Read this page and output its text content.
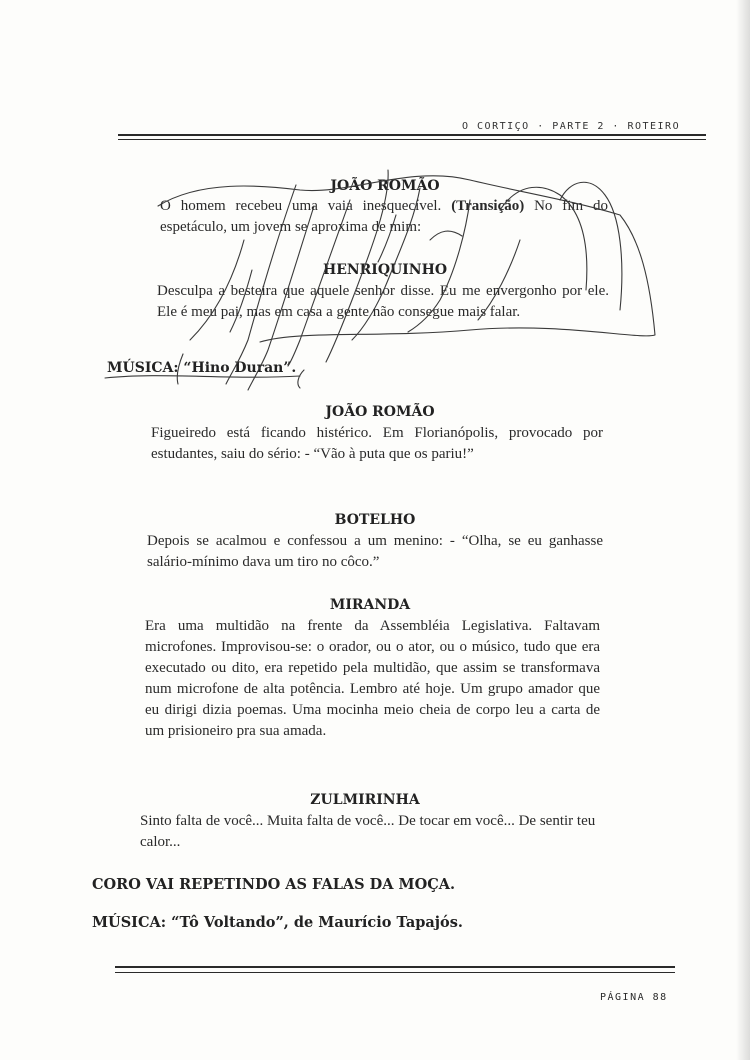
O CORTIÇO · PARTE 2 · ROTEIRO
JOÃO ROMÃO
O homem recebeu uma vaia inesquecível. (Transição) No fim do espetáculo, um jovem se aproxima de mim:
HENRIQUINHO
Desculpa a besteira que aquele senhor disse. Eu me envergonho por ele. Ele é meu pai, mas em casa a gente não consegue mais falar.
MÚSICA: “Hino Duran”.
JOÃO ROMÃO
Figueiredo está ficando histérico. Em Florianópolis, provocado por estudantes, saiu do sério: - “Vão à puta que os pariu!”
BOTELHO
Depois se acalmou e confessou a um menino: - “Olha, se eu ganhasse salário-mínimo dava um tiro no côco.”
MIRANDA
Era uma multidão na frente da Assembléia Legislativa. Faltavam microfones. Improvisou-se: o orador, ou o ator, ou o músico, tudo que era executado ou dito, era repetido pela multidão, que assim se transformava num microfone de alta potência. Lembro até hoje. Um grupo amador que eu dirigi dizia poemas. Uma mocinha meio cheia de corpo leu a carta de um prisioneiro pra sua amada.
ZULMIRINHA
Sinto falta de você... Muita falta de você... De tocar em você... De sentir teu calor...
CORO VAI REPETINDO AS FALAS DA MOÇA.
MÚSICA: “Tô Voltando”, de Maurício Tapajós.
PÁGINA 88
